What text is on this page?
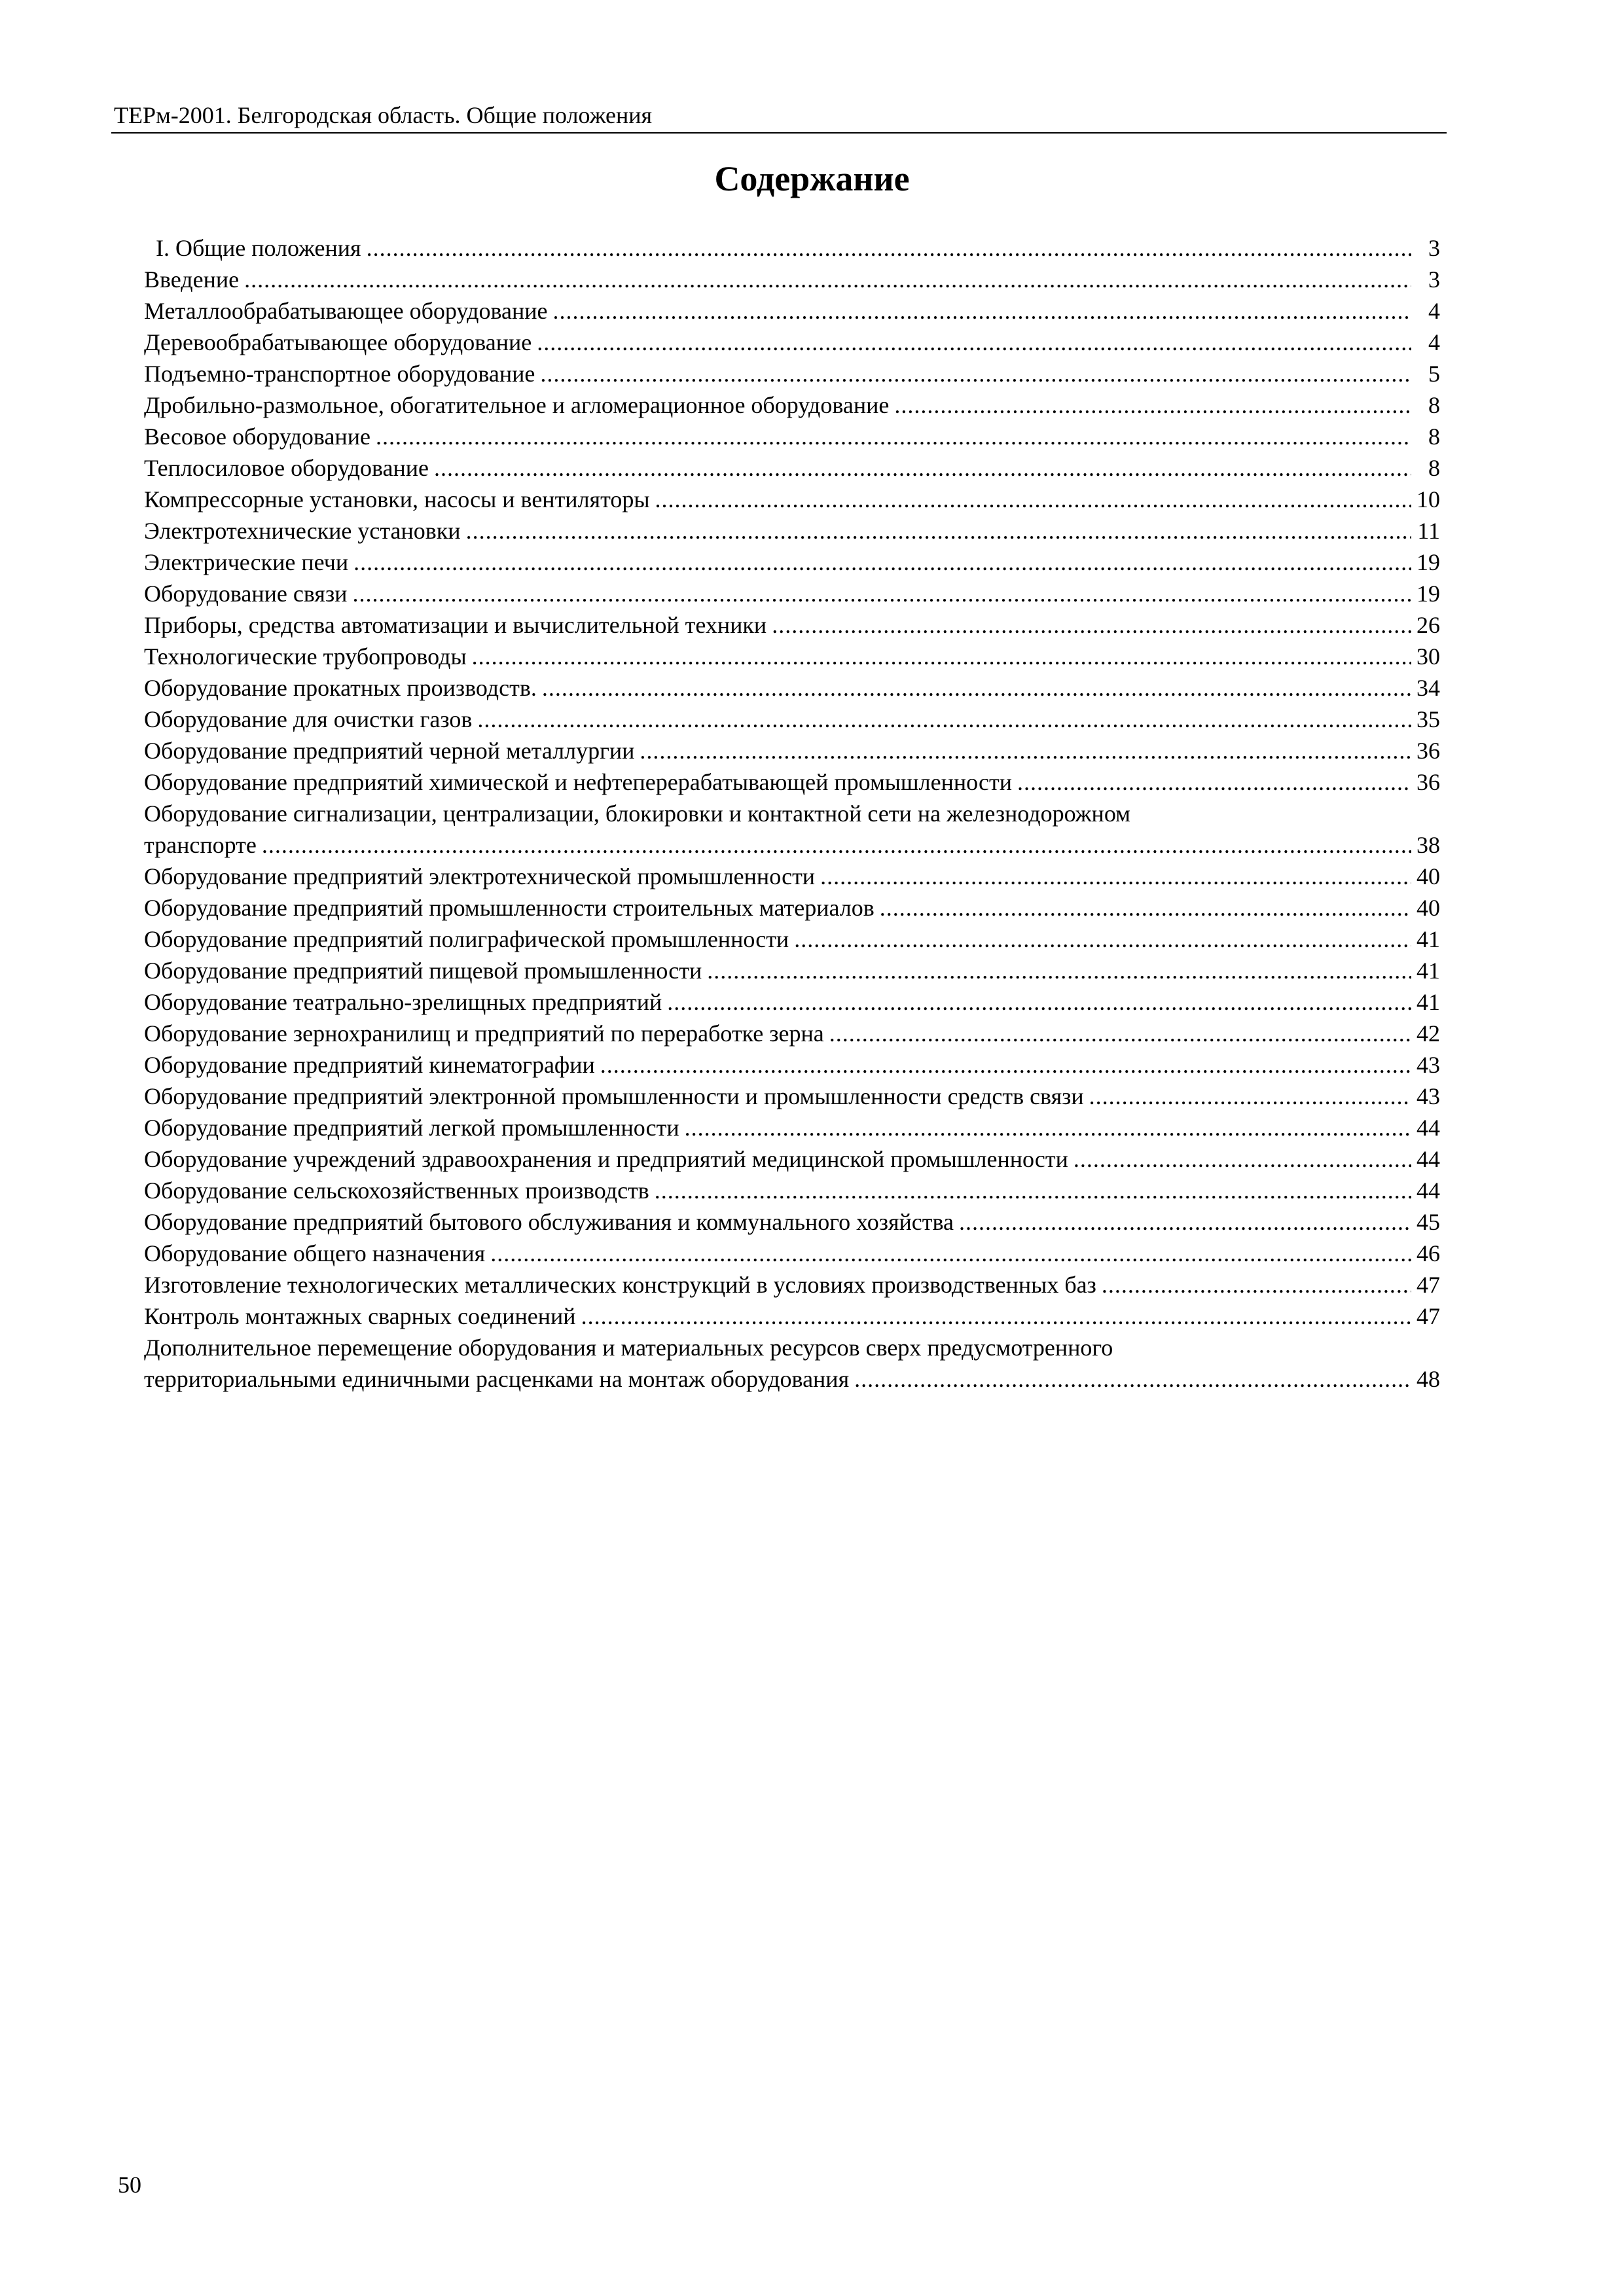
ТЕРм-2001. Белгородская область. Общие положения
Содержание
I. Общие положения .....	3
Введение .....	3
Металлообрабатывающее оборудование .....	4
Деревообрабатывающее оборудование .....	4
Подъемно-транспортное оборудование .....	5
Дробильно-размольное, обогатительное и агломерационное оборудование .....	8
Весовое оборудование .....	8
Теплосиловое оборудование .....	8
Компрессорные установки, насосы и вентиляторы .....	10
Электротехнические установки .....	11
Электрические печи .....	19
Оборудование связи .....	19
Приборы, средства автоматизации и вычислительной техники .....	26
Технологические трубопроводы .....	30
Оборудование прокатных производств. .....	34
Оборудование для очистки газов .....	35
Оборудование предприятий черной металлургии .....	36
Оборудование предприятий химической и нефтеперерабатывающей промышленности .....	36
Оборудование сигнализации, централизации, блокировки и контактной сети на железнодорожном
транспорте .....	38
Оборудование предприятий электротехнической промышленности .....	40
Оборудование предприятий промышленности строительных материалов .....	40
Оборудование предприятий полиграфической промышленности .....	41
Оборудование предприятий пищевой промышленности .....	41
Оборудование театрально-зрелищных предприятий .....	41
Оборудование зернохранилищ и предприятий по переработке зерна .....	42
Оборудование предприятий кинематографии .....	43
Оборудование предприятий электронной промышленности и промышленности средств связи .....	43
Оборудование предприятий легкой промышленности .....	44
Оборудование учреждений здравоохранения и предприятий медицинской промышленности .....	44
Оборудование сельскохозяйственных производств .....	44
Оборудование предприятий бытового обслуживания и коммунального хозяйства .....	45
Оборудование общего назначения .....	46
Изготовление технологических металлических конструкций в условиях производственных баз .....	47
Контроль монтажных сварных соединений .....	47
Дополнительное перемещение оборудования и материальных ресурсов сверх предусмотренного
территориальными единичными расценками на монтаж оборудования .....	48
50
